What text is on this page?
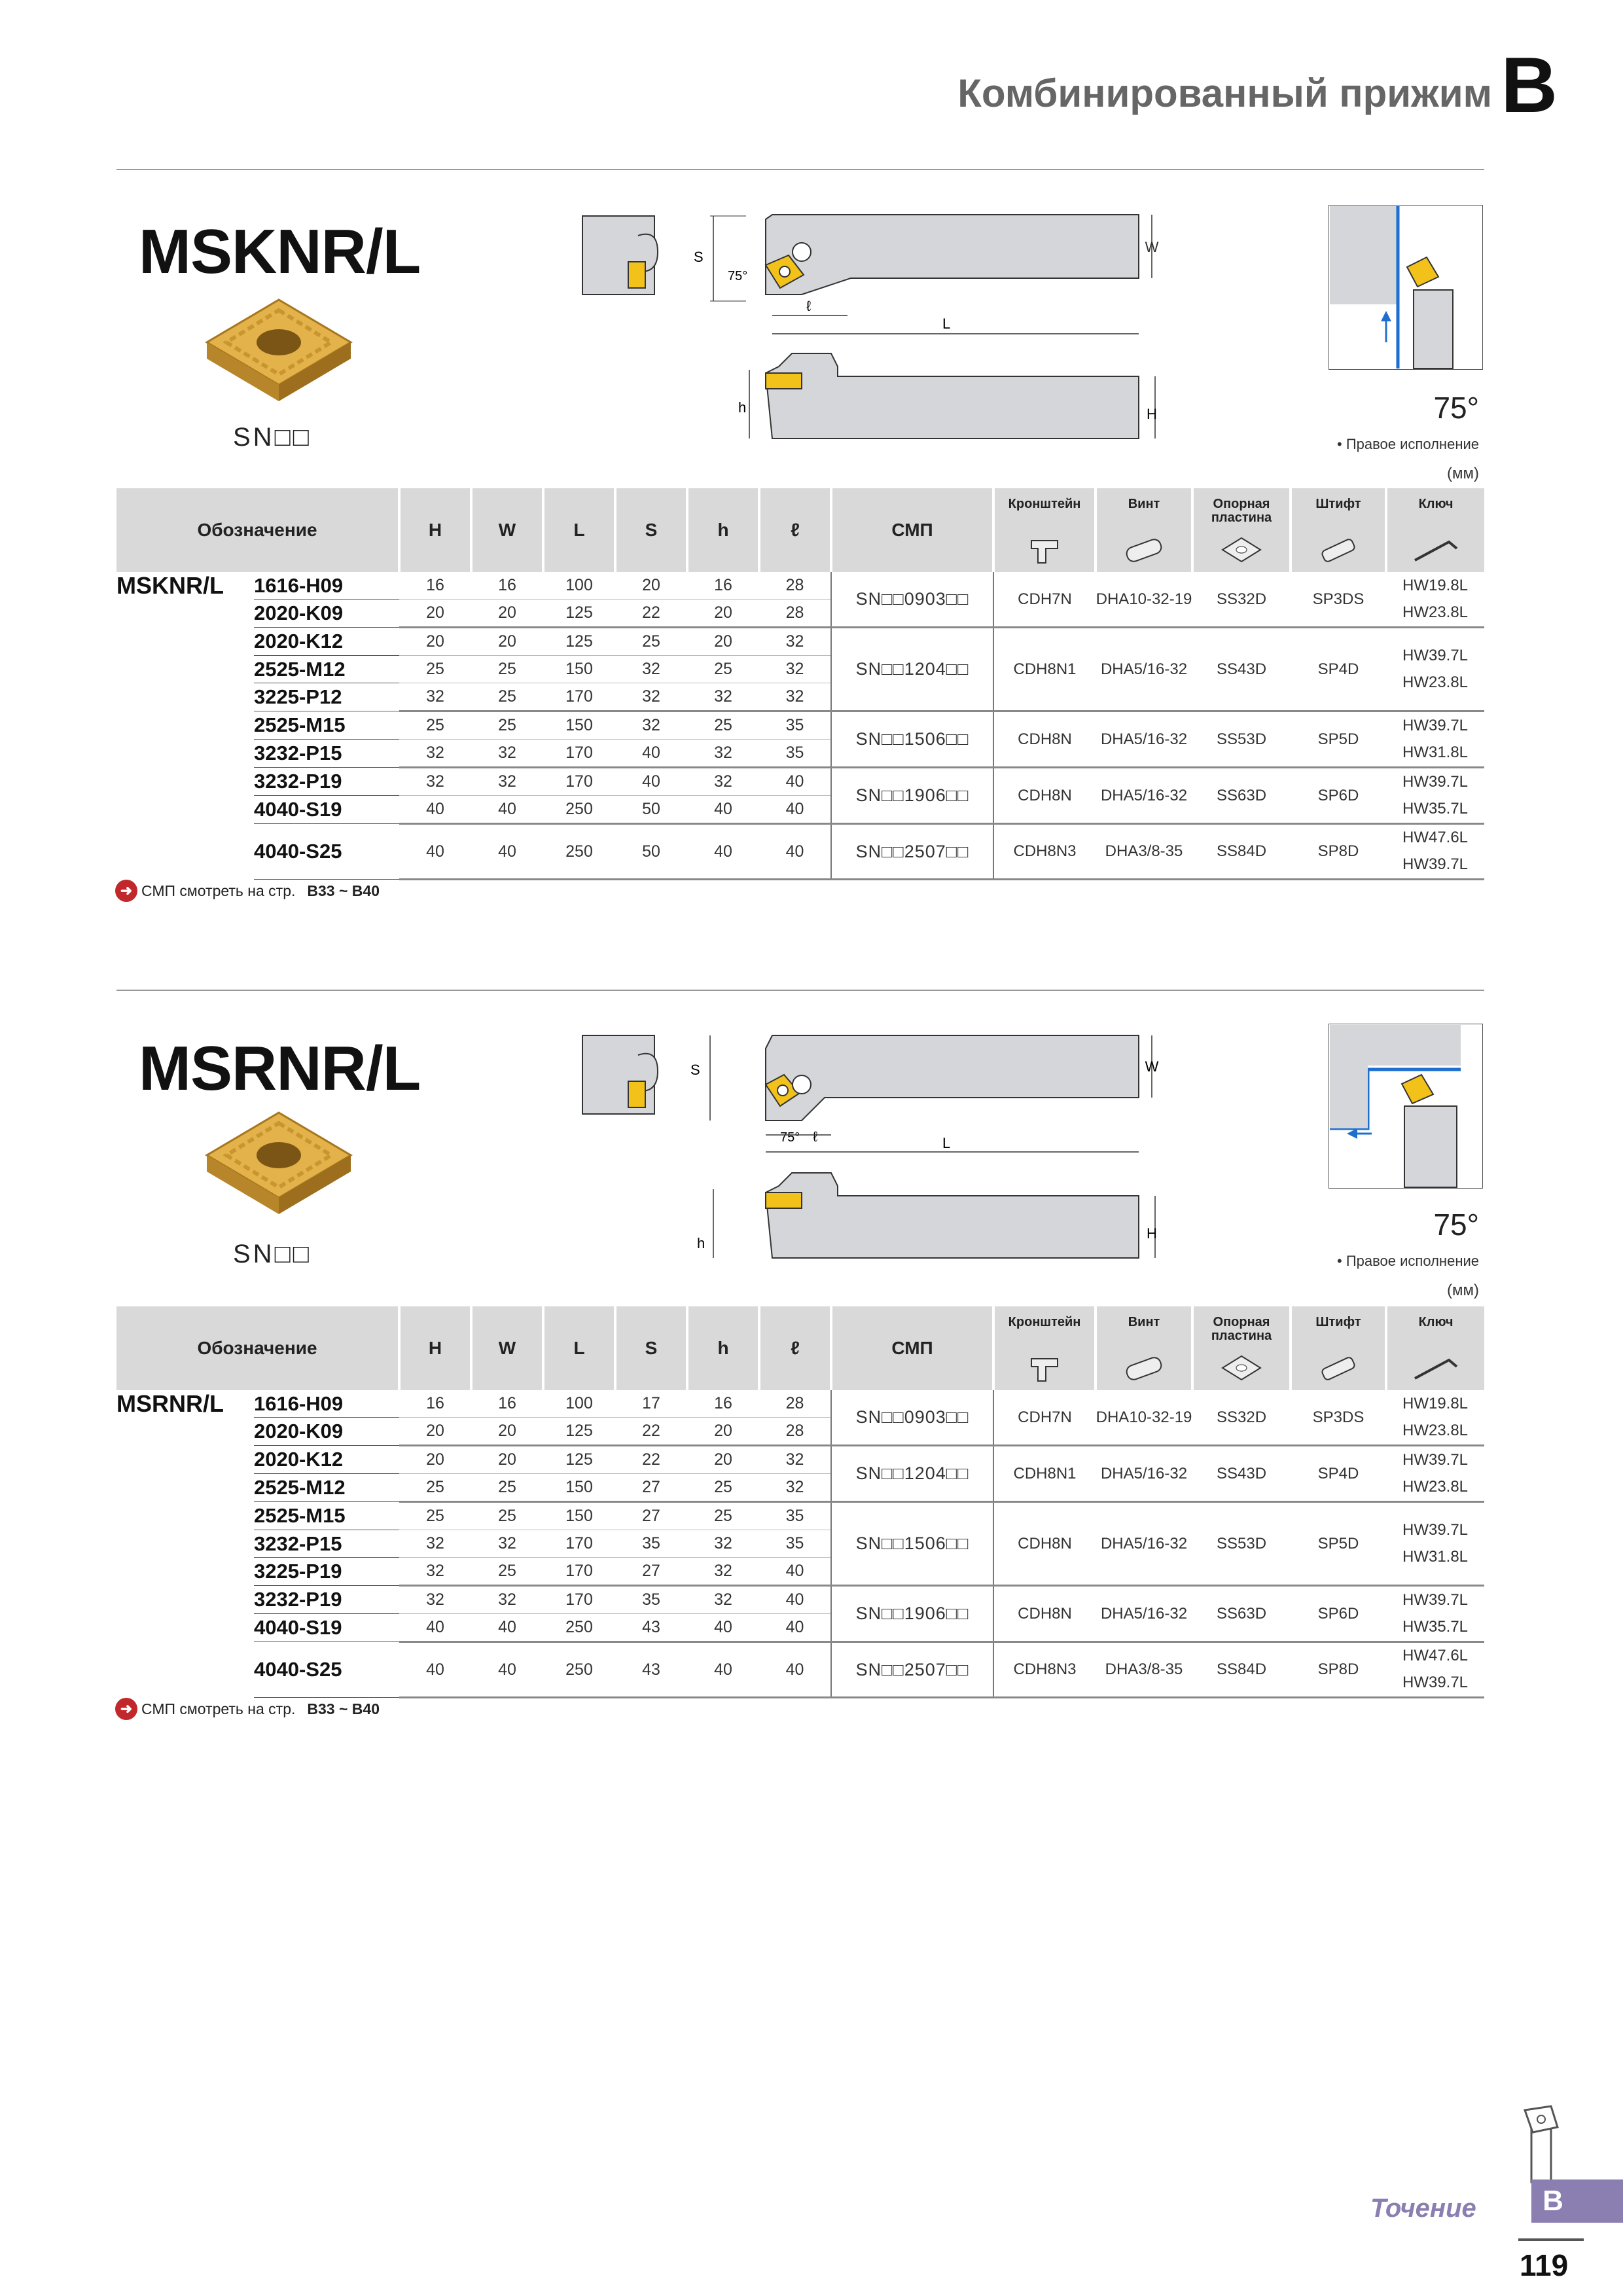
Комбинированный прижим B
MSKNR/L
SN□□
S
75°
W
ℓ
L
h	H	75°
• Правое исполнение
(мм)
Обозначение		H	W	L	S	h	ℓ	СМП	Кронштейн	Винт	Опорная пластина	Штифт	Ключ

MSKNR/L	1616-H09	16	16	100	20	16	28	SN□□0903□□	CDH7N	DHA10-32-19	SS32D	SP3DS	HW19.8L
HW23.8L

	2020-K09	20	20	125	22	20	28						
	2020-K12	20	20	125	25	20	32	SN□□1204□□	CDH8N1	DHA5/16-32	SS43D	SP4D	HW39.7L
HW23.8L

	2525-M12	25	25	150	32	25	32						
	3225-P12	32	25	170	32	32	32						
	2525-M15	25	25	150	32	25	35	SN□□1506□□	CDH8N	DHA5/16-32	SS53D	SP5D	HW39.7L
HW31.8L

	3232-P15	32	32	170	40	32	35						
	3232-P19	32	32	170	40	32	40	SN□□1906□□	CDH8N	DHA5/16-32	SS63D	SP6D	HW39.7L
HW35.7L

	4040-S19	40	40	250	50	40	40						
	4040-S25	40	40	250	50	40	40	SN□□2507□□	CDH8N3	DHA3/8-35	SS84D	SP8D	HW47.6L
HW39.7L
➜ СМП смотреть на стр. B33 ~ B40
MSRNR/L
SN□□
S	W
75° ℓ	L
h
H	75°
• Правое исполнение
(мм)
Обозначение		H	W	L	S	h	ℓ	СМП	Кронштейн	Винт	Опорная пластина	Штифт	Ключ

MSRNR/L	1616-H09	16	16	100	17	16	28	SN□□0903□□	CDH7N	DHA10-32-19	SS32D	SP3DS	HW19.8L
HW23.8L

	2020-K09	20	20	125	22	20	28						
	2020-K12	20	20	125	22	20	32	SN□□1204□□	CDH8N1	DHA5/16-32	SS43D	SP4D	HW39.7L
HW23.8L

	2525-M12	25	25	150	27	25	32						
	2525-M15	25	25	150	27	25	35	SN□□1506□□	CDH8N	DHA5/16-32	SS53D	SP5D	HW39.7L
HW31.8L

	3232-P15	32	32	170	35	32	35						
	3225-P19	32	25	170	27	32	40						
	3232-P19	32	32	170	35	32	40	SN□□1906□□	CDH8N	DHA5/16-32	SS63D	SP6D	HW39.7L
HW35.7L

	4040-S19	40	40	250	43	40	40						
	4040-S25	40	40	250	43	40	40	SN□□2507□□	CDH8N3	DHA3/8-35	SS84D	SP8D	HW47.6L
HW39.7L
➜ СМП смотреть на стр. B33 ~ B40
Точение	B
119
